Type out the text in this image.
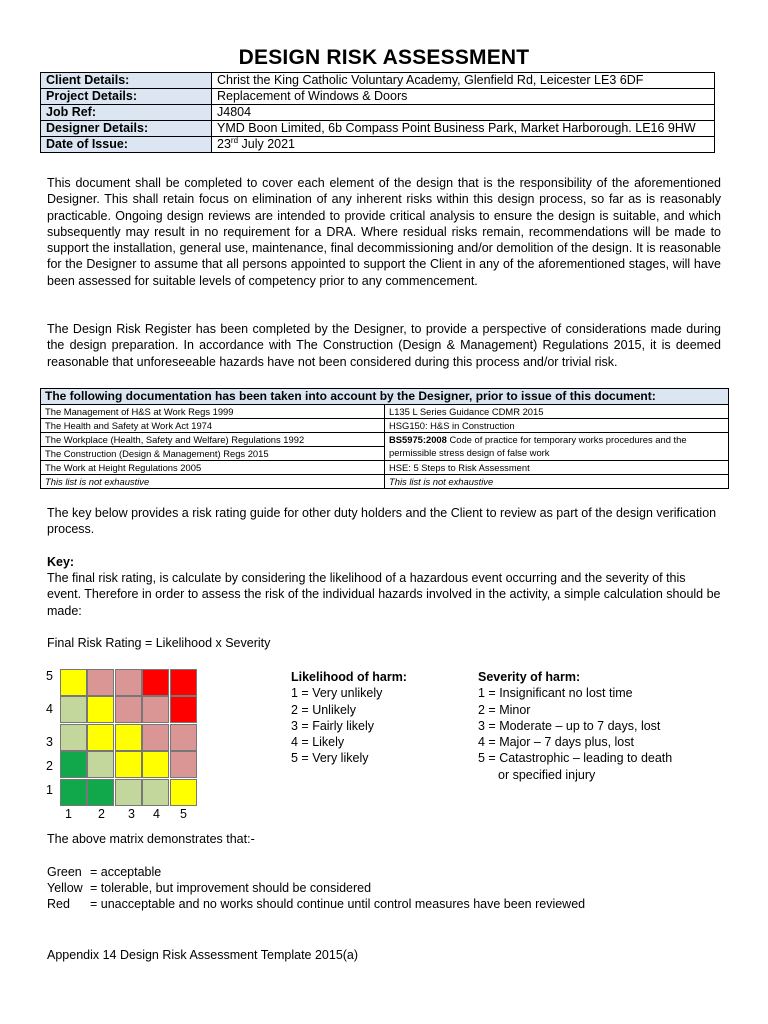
DESIGN RISK ASSESSMENT
Client Details:	Christ the King Catholic Voluntary Academy, Glenfield Rd, Leicester LE3 6DF
Project Details:	Replacement of Windows & Doors
Job Ref:	J4804
Designer Details:	YMD Boon Limited, 6b Compass Point Business Park, Market Harborough. LE16 9HW
Date of Issue:	23rd July 2021

This document shall be completed to cover each element of the design that is the responsibility of the aforementioned Designer. This shall retain focus on elimination of any inherent risks within this design process, so far as is reasonably practicable. Ongoing design reviews are intended to provide critical analysis to ensure the design is suitable, and which subsequently may result in no requirement for a DRA. Where residual risks remain, recommendations will be made to support the installation, general use, maintenance, final decommissioning and/or demolition of the design. It is reasonable for the Designer to assume that all persons appointed to support the Client in any of the aforementioned stages, will have been assessed for suitable levels of competency prior to any commencement.

The Design Risk Register has been completed by the Designer, to provide a perspective of considerations made during the design preparation. In accordance with The Construction (Design & Management) Regulations 2015, it is deemed reasonable that unforeseeable hazards have not been considered during this process and/or trivial risk.

The following documentation has been taken into account by the Designer, prior to issue of this document:	
The Management of H&S at Work Regs 1999	L135 L Series Guidance CDMR 2015
The Health and Safety at Work Act 1974	HSG150: H&S in Construction
The Workplace (Health, Safety and Welfare) Regulations 1992	BS5975:2008 Code of practice for temporary works procedures and the permissible stress design of false work
The Construction (Design & Management) Regs 2015	
The Work at Height Regulations 2005	HSE: 5 Steps to Risk Assessment
This list is not exhaustive	This list is not exhaustive

The key below provides a risk rating guide for other duty holders and the Client to review as part of the design verification process.

Key:

The final risk rating, is calculate by considering the likelihood of a hazardous event occurring and the severity of this event. Therefore in order to assess the risk of the individual hazards involved in the activity, a simple calculation should be made:

Final Risk Rating = Likelihood x Severity

5
4
3
2
1
1 2 3 4 5
Likelihood of harm:
1 = Very unlikely
2 = Unlikely
3 = Fairly likely
4 = Likely
5 = Very likely
Severity of harm:
1 = Insignificant no lost time
2 = Minor
3 = Moderate – up to 7 days, lost
4 = Major – 7 days plus, lost
5 = Catastrophic – leading to death
or specified injury

The above matrix demonstrates that:-

Green = acceptable
Yellow = tolerable, but improvement should be considered
Red = unacceptable and no works should continue until control measures have been reviewed
Appendix 14 Design Risk Assessment Template 2015(a)
